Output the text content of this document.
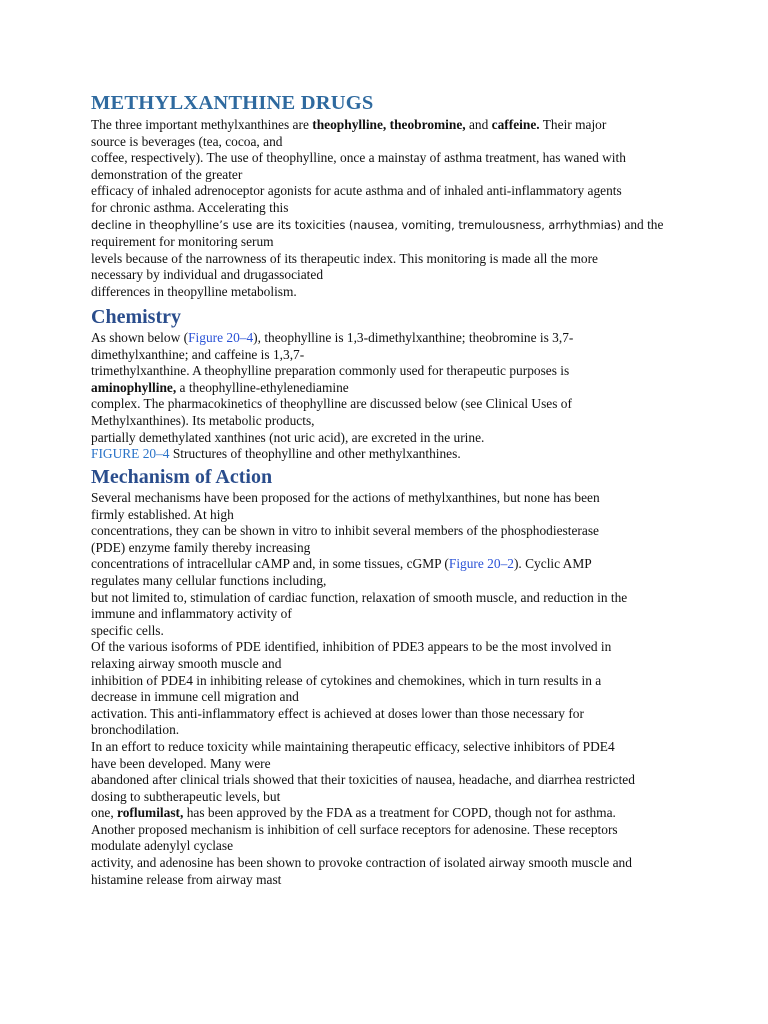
METHYLXANTHINE DRUGS
The three important methylxanthines are theophylline, theobromine, and caffeine. Their major
source is beverages (tea, cocoa, and
coffee, respectively). The use of theophylline, once a mainstay of asthma treatment, has waned with
demonstration of the greater
efficacy of inhaled adrenoceptor agonists for acute asthma and of inhaled anti-inflammatory agents
for chronic asthma. Accelerating this
decline in theophylline’s use are its toxicities (nausea, vomiting, tremulousness, arrhythmias) and the
requirement for monitoring serum
levels because of the narrowness of its therapeutic index. This monitoring is made all the more
necessary by individual and drugassociated
differences in theopylline metabolism.
Chemistry
As shown below (Figure 20–4), theophylline is 1,3-dimethylxanthine; theobromine is 3,7-
dimethylxanthine; and caffeine is 1,3,7-
trimethylxanthine. A theophylline preparation commonly used for therapeutic purposes is
aminophylline, a theophylline-ethylenediamine
complex. The pharmacokinetics of theophylline are discussed below (see Clinical Uses of
Methylxanthines). Its metabolic products,
partially demethylated xanthines (not uric acid), are excreted in the urine.
FIGURE 20–4 Structures of theophylline and other methylxanthines.
Mechanism of Action
Several mechanisms have been proposed for the actions of methylxanthines, but none has been
firmly established. At high
concentrations, they can be shown in vitro to inhibit several members of the phosphodiesterase
(PDE) enzyme family thereby increasing
concentrations of intracellular cAMP and, in some tissues, cGMP (Figure 20–2). Cyclic AMP
regulates many cellular functions including,
but not limited to, stimulation of cardiac function, relaxation of smooth muscle, and reduction in the
immune and inflammatory activity of
specific cells.
Of the various isoforms of PDE identified, inhibition of PDE3 appears to be the most involved in
relaxing airway smooth muscle and
inhibition of PDE4 in inhibiting release of cytokines and chemokines, which in turn results in a
decrease in immune cell migration and
activation. This anti-inflammatory effect is achieved at doses lower than those necessary for
bronchodilation.
In an effort to reduce toxicity while maintaining therapeutic efficacy, selective inhibitors of PDE4
have been developed. Many were
abandoned after clinical trials showed that their toxicities of nausea, headache, and diarrhea restricted
dosing to subtherapeutic levels, but
one, roflumilast, has been approved by the FDA as a treatment for COPD, though not for asthma.
Another proposed mechanism is inhibition of cell surface receptors for adenosine. These receptors
modulate adenylyl cyclase
activity, and adenosine has been shown to provoke contraction of isolated airway smooth muscle and
histamine release from airway mast
